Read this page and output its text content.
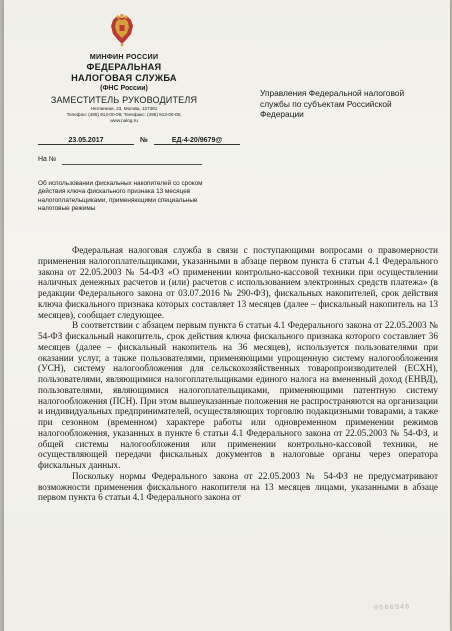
МИНФИН РОССИИ
ФЕДЕРАЛЬНАЯ
НАЛОГОВАЯ СЛУЖБА
(ФНС России)
ЗАМЕСТИТЕЛЬ РУКОВОДИТЕЛЯ
Неглинная, 23, Москва, 127381
Телефон: (495) 913-00-09; Телефакс: (495) 913-00-05;
www.nalog.ru
23.05.2017	№	ЕД-4-20/9679@
На №
Об использовании фискальных накопителей со сроком действия ключа фискального признака 13 месяцев налогоплательщиками, применяющими специальные налоговые режимы
Управления Федеральной налоговой службы по субъектам Российской Федерации

Федеральная налоговая служба в связи с поступающими вопросами о правомерности применения налогоплательщиками, указанными в абзаце первом пункта 6 статьи 4.1 Федерального закона от 22.05.2003 № 54-ФЗ «О применении контрольно-кассовой техники при осуществлении наличных денежных расчетов и (или) расчетов с использованием электронных средств платежа» (в редакции Федерального закона от 03.07.2016 № 290-ФЗ), фискальных накопителей, срок действия ключа фискального признака которых составляет 13 месяцев (далее – фискальный накопитель на 13 месяцев), сообщает следующее.

В соответствии с абзацем первым пункта 6 статьи 4.1 Федерального закона от 22.05.2003 № 54-ФЗ фискальный накопитель, срок действия ключа фискального признака которого составляет 36 месяцев (далее – фискальный накопитель на 36 месяцев), используется пользователями при оказании услуг, а также пользователями, применяющими упрощенную систему налогообложения (УСН), систему налогообложения для сельскохозяйственных товаропроизводителей (ЕСХН), пользователями, являющимися налогоплательщиками единого налога на вмененный доход (ЕНВД), пользователями, являющимися налогоплательщиками, применяющими патентную систему налогообложения (ПСН). При этом вышеуказанные положения не распространяются на организации и индивидуальных предпринимателей, осуществляющих торговлю подакцизными товарами, а также при сезонном (временном) характере работы или одновременном применении режимов налогообложения, указанных в пункте 6 статьи 4.1 Федерального закона от 22.05.2003 № 54-ФЗ, и общей системы налогообложения или применении контрольно-кассовой техники, не осуществляющей передачи фискальных документов в налоговые органы через оператора фискальных данных.

Поскольку нормы Федерального закона от 22.05.2003 № 54-ФЗ не предусматривают возможности применения фискального накопителя на 13 месяцев лицами, указанными в абзаце первом пункта 6 статьи 4.1 Федерального закона от

0566946
